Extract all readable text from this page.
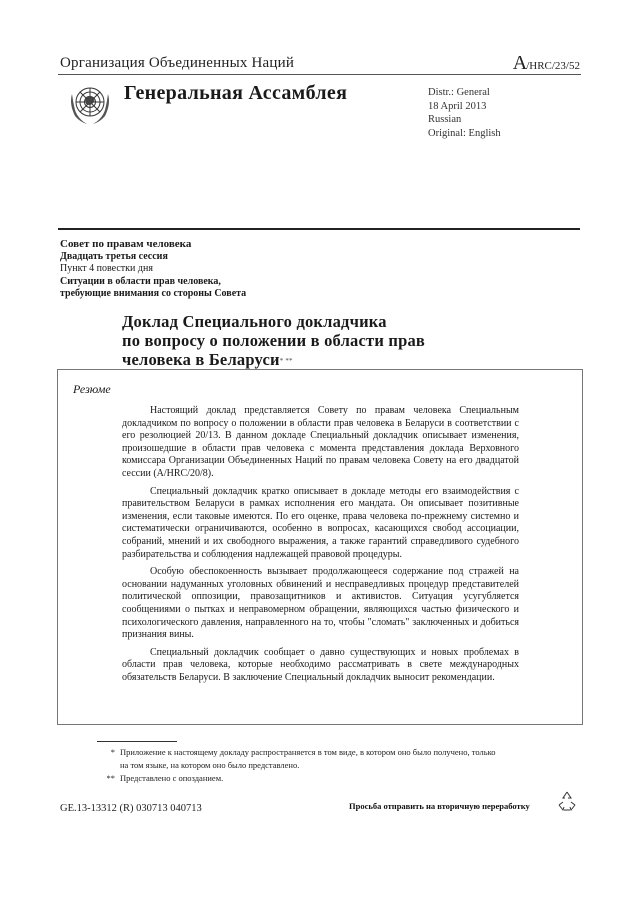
Организация Объединенных Наций	A/HRC/23/52
Генеральная Ассамблея	Distr.: General
18 April 2013
Russian
Original: English
Совет по правам человека
Двадцать третья сессия
Пункт 4 повестки дня
Ситуации в области прав человека,
требующие внимания со стороны Совета
Доклад Специального докладчика
по вопросу о положении в области прав
человека в Беларуси* **
Резюме

Настоящий доклад представляется Совету по правам человека Специальным докладчиком по вопросу о положении в области прав человека в Беларуси в соответствии с его резолюцией 20/13. В данном докладе Специальный докладчик описывает изменения, произошедшие в области прав человека с момента представления доклада Верховного комиссара Организации Объединенных Наций по правам человека Совету на его двадцатой сессии (A/HRC/20/8).

Специальный докладчик кратко описывает в докладе методы его взаимодействия с правительством Беларуси в рамках исполнения его мандата. Он описывает позитивные изменения, если таковые имеются. По его оценке, права человека по-прежнему системно и систематически ограничиваются, особенно в вопросах, касающихся свобод ассоциации, собраний, мнений и их свободного выражения, а также гарантий справедливого судебного разбирательства и соблюдения надлежащей правовой процедуры.

Особую обеспокоенность вызывает продолжающееся содержание под стражей на основании надуманных уголовных обвинений и несправедливых процедур представителей политической оппозиции, правозащитников и активистов. Ситуация усугубляется сообщениями о пытках и неправомерном обращении, являющихся частью физического и психологического давления, направленного на то, чтобы "сломать" заключенных и добиться признания вины.

Специальный докладчик сообщает о давно существующих и новых проблемах в области прав человека, которые необходимо рассматривать в свете международных обязательств Беларуси. В заключение Специальный докладчик выносит рекомендации.

* Приложение к настоящему докладу распространяется в том виде, в котором оно было получено, только на том языке, на котором оно было представлено.
** Представлено с опозданием.
GE.13-13312 (R) 030713 040713	Просьба отправить на вторичную переработку
